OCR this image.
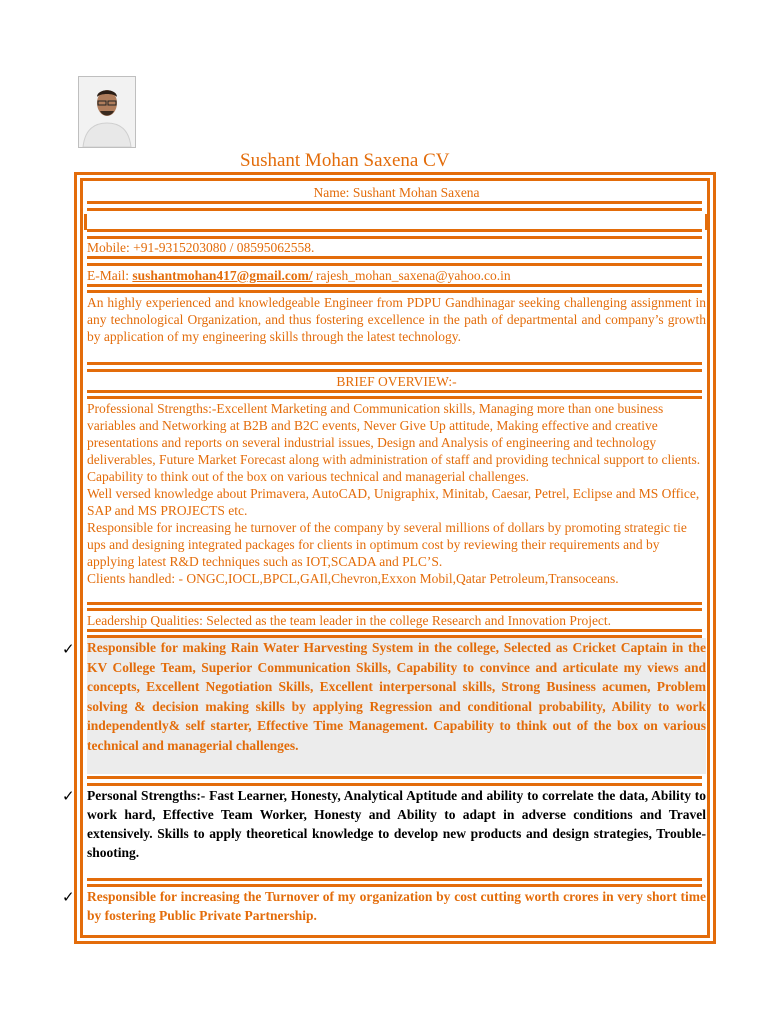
Sushant Mohan Saxena CV

Name: Sushant Mohan Saxena

Mobile: +91-9315203080 / 08595062558.

E-Mail: sushantmohan417@gmail.com/ rajesh_mohan_saxena@yahoo.co.in

An highly experienced and knowledgeable Engineer from PDPU Gandhinagar seeking challenging assignment in any technological Organization, and thus fostering excellence in the path of departmental and company’s growth by application of my engineering skills through the latest technology.

BRIEF OVERVIEW:-

Professional Strengths:-Excellent Marketing and Communication skills, Managing more than one business variables and Networking at B2B and B2C events, Never Give Up attitude, Making effective and creative presentations and reports on several industrial issues, Design and Analysis of engineering and technology deliverables, Future Market Forecast along with administration of staff and providing technical support to clients. Capability to think out of the box on various technical and managerial challenges.
Well versed knowledge about Primavera, AutoCAD, Unigraphix, Minitab, Caesar, Petrel, Eclipse and MS Office, SAP and MS PROJECTS etc.
Responsible for increasing he turnover of the company by several millions of dollars by promoting strategic tie ups and designing integrated packages for clients in optimum cost by reviewing their requirements and by applying latest R&D techniques such as IOT,SCADA and PLC’S.
Clients handled: - ONGC,IOCL,BPCL,GAIl,Chevron,Exxon Mobil,Qatar Petroleum,Transoceans.

Leadership Qualities: Selected as the team leader in the college Research and Innovation Project.

✓ Responsible for making Rain Water Harvesting System in the college, Selected as Cricket Captain in the KV College Team, Superior Communication Skills, Capability to convince and articulate my views and concepts, Excellent Negotiation Skills, Excellent interpersonal skills, Strong Business acumen, Problem solving & decision making skills by applying Regression and conditional probability, Ability to work independently& self starter, Effective Time Management. Capability to think out of the box on various technical and managerial challenges.

✓ Personal Strengths:- Fast Learner, Honesty, Analytical Aptitude and ability to correlate the data, Ability to work hard, Effective Team Worker, Honesty and Ability to adapt in adverse conditions and Travel extensively. Skills to apply theoretical knowledge to develop new products and design strategies, Trouble-shooting.

✓ Responsible for increasing the Turnover of my organization by cost cutting worth crores in very short time by fostering Public Private Partnership.
